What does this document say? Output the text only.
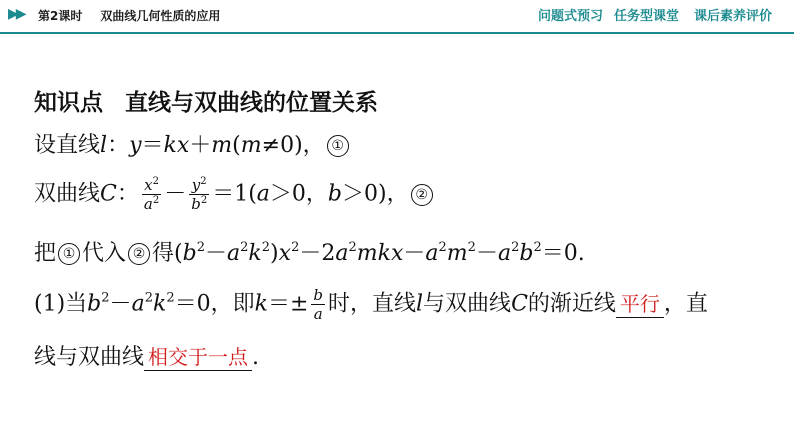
▶▶ 第2课时 双曲线几何性质的应用	问题式预习 任务型课堂 课后素养评价
知识点 直线与双曲线的位置关系
设直线l：y＝kx＋m(m≠0)， ①
双曲线C： $\frac{x^2}{a^2} - \frac{y^2}{b^2} =1(a>0$，b＞0)， ②
把 ① 代入 ② 得$(b^2-a^2k^2)x^2-2a^2mkx-a^2m^2-a^2b^2=0$.
(1)当$b^2-a^2k^2=0$，即$k=\pm \frac{b}{a}$ 时，直线l与双曲线C的渐近线 平行 ，直
线与双曲线 相交于一点 .
